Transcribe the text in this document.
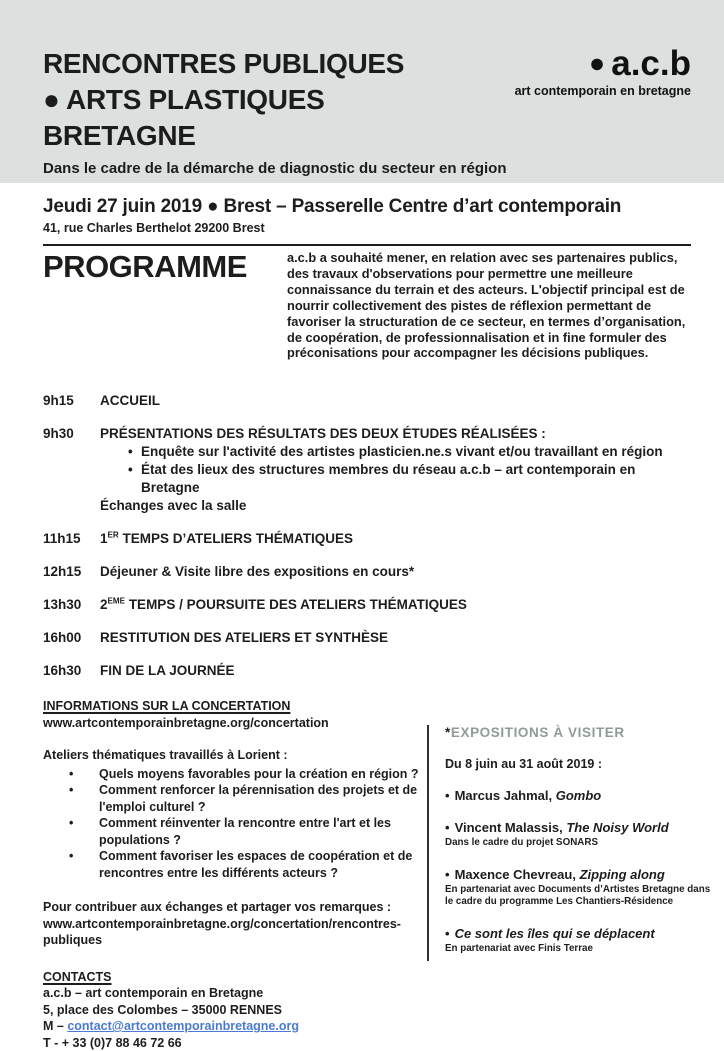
RENCONTRES PUBLIQUES
● ARTS PLASTIQUES
BRETAGNE

Dans le cadre de la démarche de diagnostic du secteur en région

● a.c.b
art contemporain en bretagne
Jeudi 27 juin 2019 ● Brest – Passerelle Centre d’art contemporain
41, rue Charles Berthelot 29200 Brest
PROGRAMME	a.c.b a souhaité mener, en relation avec ses partenaires publics, des travaux d'observations pour permettre une meilleure connaissance du terrain et des acteurs. L'objectif principal est de nourrir collectivement des pistes de réflexion permettant de favoriser la structuration de ce secteur, en termes d’organisation, de coopération, de professionnalisation et in fine formuler des préconisations pour accompagner les décisions publiques.

9h15	ACCUEIL
9h30	PRÉSENTATIONS DES RÉSULTATS DES DEUX ÉTUDES RÉALISÉES :
• Enquête sur l'activité des artistes plasticien.ne.s vivant et/ou travaillant en région
• État des lieux des structures membres du réseau a.c.b – art contemporain en Bretagne
Échanges avec la salle
11h15	1ER TEMPS D’ATELIERS THÉMATIQUES
12h15	Déjeuner & Visite libre des expositions en cours*
13h30	2EME TEMPS / POURSUITE DES ATELIERS THÉMATIQUES
16h00	RESTITUTION DES ATELIERS ET SYNTHÈSE
16h30	FIN DE LA JOURNÉE
INFORMATIONS SUR LA CONCERTATION
www.artcontemporainbretagne.org/concertation
Ateliers thématiques travaillés à Lorient :
•	Quels moyens favorables pour la création en région ?
•	Comment renforcer la pérennisation des projets et de l'emploi culturel ?
•	Comment réinventer la rencontre entre l'art et les populations ?
•	Comment favoriser les espaces de coopération et de rencontres entre les différents acteurs ?
Pour contribuer aux échanges et partager vos remarques :
www.artcontemporainbretagne.org/concertation/rencontres-publiques
CONTACTS
a.c.b – art contemporain en Bretagne
5, place des Colombes – 35000 RENNES
M – contact@artcontemporainbretagne.org
T - + 33 (0)7 88 46 72 66
*EXPOSITIONS À VISITER
Du 8 juin au 31 août 2019 :
• Marcus Jahmal, Gombo
• Vincent Malassis, The Noisy World
Dans le cadre du projet SONARS
• Maxence Chevreau, Zipping along
En partenariat avec Documents d’Artistes Bretagne dans le cadre du programme Les Chantiers-Résidence
• Ce sont les îles qui se déplacent
En partenariat avec Finis Terrae
